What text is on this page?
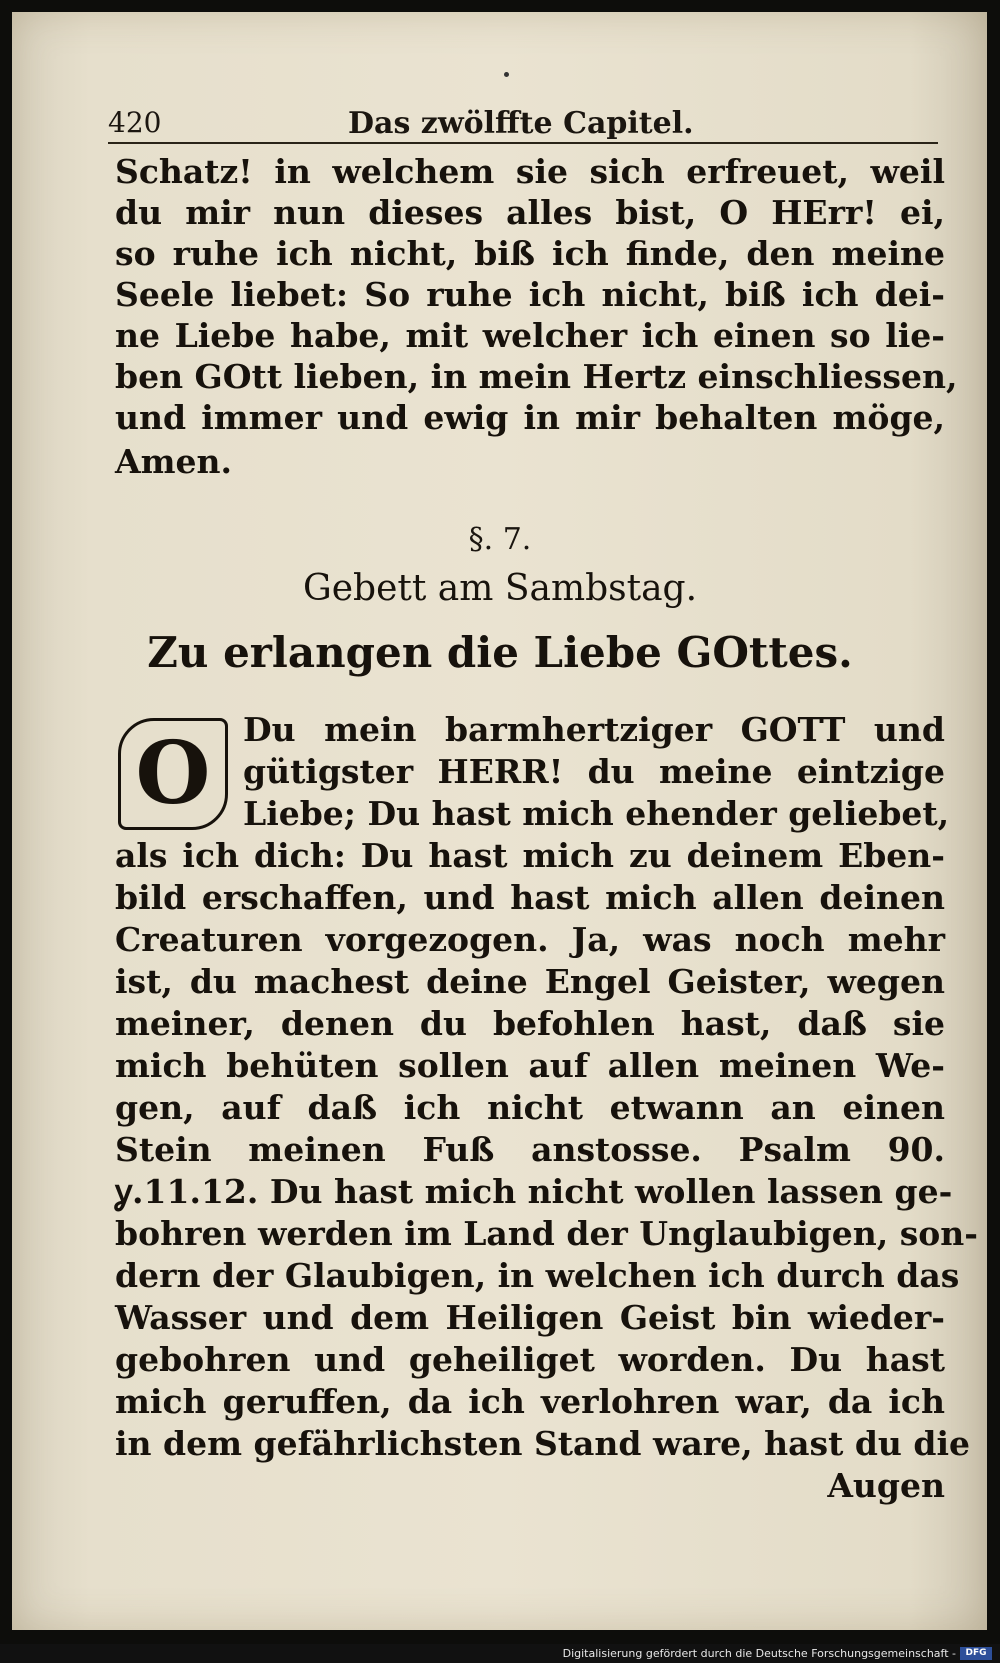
420	Das zwölffte Capitel.
Schatz! in welchem sie sich erfreuet, weil
du mir nun dieses alles bist, O HErr! ei,
so ruhe ich nicht, biß ich finde, den meine
Seele liebet: So ruhe ich nicht, biß ich dei-
ne Liebe habe, mit welcher ich einen so lie-
ben GOtt lieben, in mein Hertz einschliessen,
und immer und ewig in mir behalten möge,
Amen.
§. 7.
Gebett am Sambstag.
Zu erlangen die Liebe GOttes.
O Du mein barmhertziger GOTT und
gütigster HERR! du meine eintzige
Liebe; Du hast mich ehender geliebet,
als ich dich: Du hast mich zu deinem Eben-
bild erschaffen, und hast mich allen deinen
Creaturen vorgezogen. Ja, was noch mehr
ist, du machest deine Engel Geister, wegen
meiner, denen du befohlen hast, daß sie
mich behüten sollen auf allen meinen We-
gen, auf daß ich nicht etwann an einen
Stein meinen Fuß anstosse. Psalm 90.
ỿ.11.12. Du hast mich nicht wollen lassen ge-
bohren werden im Land der Unglaubigen, son-
dern der Glaubigen, in welchen ich durch das
Wasser und dem Heiligen Geist bin wieder-
gebohren und geheiliget worden. Du hast
mich geruffen, da ich verlohren war, da ich
in dem gefährlichsten Stand ware, hast du die
Augen
Digitalisierung gefördert durch die Deutsche Forschungsgemeinschaft -	DFG
